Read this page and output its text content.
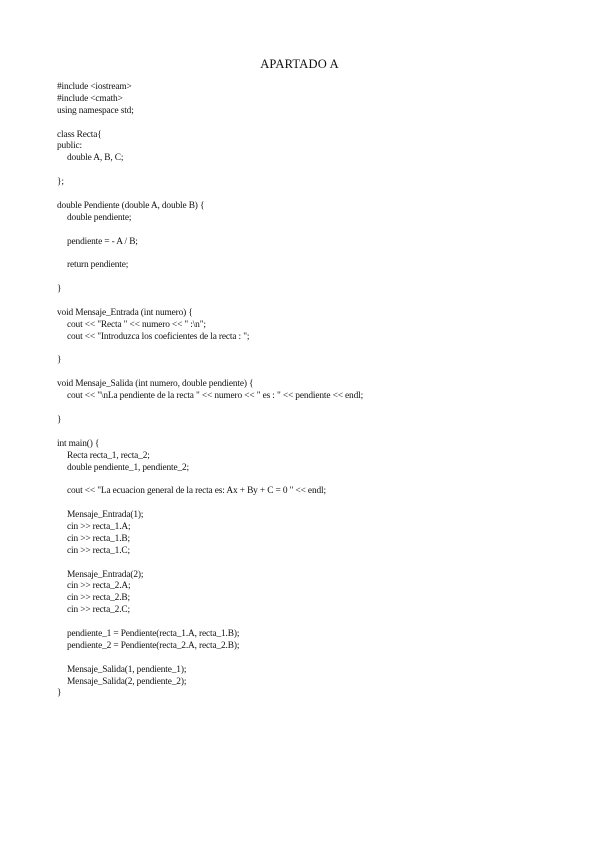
APARTADO A
#include <iostream>
#include <cmath>
using namespace std;
class Recta{
public:
double A, B, C;
};
double Pendiente (double A, double B) {
double pendiente;
pendiente = - A / B;
return pendiente;
}
void Mensaje_Entrada (int numero) {
cout << "Recta " << numero << " :\n";
cout << "Introduzca los coeficientes de la recta : ";
}
void Mensaje_Salida (int numero, double pendiente) {
cout << "\nLa pendiente de la recta " << numero << " es : " << pendiente << endl;
}
int main() {
Recta recta_1, recta_2;
double pendiente_1, pendiente_2;
cout << "La ecuacion general de la recta es: Ax + By + C = 0 " << endl;
Mensaje_Entrada(1);
cin >> recta_1.A;
cin >> recta_1.B;
cin >> recta_1.C;
Mensaje_Entrada(2);
cin >> recta_2.A;
cin >> recta_2.B;
cin >> recta_2.C;
pendiente_1 = Pendiente(recta_1.A, recta_1.B);
pendiente_2 = Pendiente(recta_2.A, recta_2.B);
Mensaje_Salida(1, pendiente_1);
Mensaje_Salida(2, pendiente_2);
}
